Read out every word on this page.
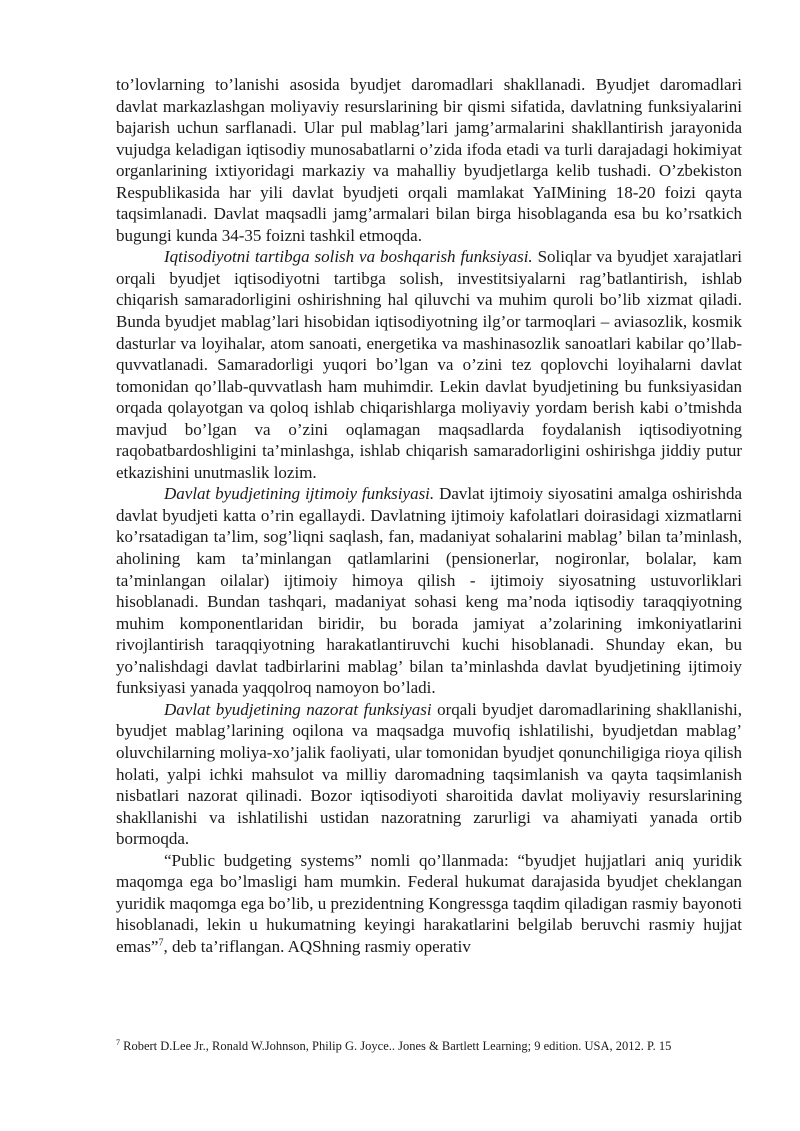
to’lovlarning to’lanishi asosida byudjet daromadlari shakllanadi. Byudjet daromadlari davlat markazlashgan moliyaviy resurslarining bir qismi sifatida, davlatning funksiyalarini bajarish uchun sarflanadi. Ular pul mablag’lari jamg’armalarini shakllantirish jarayonida vujudga keladigan iqtisodiy munosabatlarni o’zida ifoda etadi va turli darajadagi hokimiyat organlarining ixtiyoridagi markaziy va mahalliy byudjetlarga kelib tushadi. O’zbekiston Respublikasida har yili davlat byudjeti orqali mamlakat YaIMining 18-20 foizi qayta taqsimlanadi. Davlat maqsadli jamg’armalari bilan birga hisoblaganda esa bu ko’rsatkich bugungi kunda 34-35 foizni tashkil etmoqda.

Iqtisodiyotni tartibga solish va boshqarish funksiyasi. Soliqlar va byudjet xarajatlari orqali byudjet iqtisodiyotni tartibga solish, investitsiyalarni rag’batlantirish, ishlab chiqarish samaradorligini oshirishning hal qiluvchi va muhim quroli bo’lib xizmat qiladi. Bunda byudjet mablag’lari hisobidan iqtisodiyotning ilg’or tarmoqlari – aviasozlik, kosmik dasturlar va loyihalar, atom sanoati, energetika va mashinasozlik sanoatlari kabilar qo’llab-quvvatlanadi. Samaradorligi yuqori bo’lgan va o’zini tez qoplovchi loyihalarni davlat tomonidan qo’llab-quvvatlash ham muhimdir. Lekin davlat byudjetining bu funksiyasidan orqada qolayotgan va qoloq ishlab chiqarishlarga moliyaviy yordam berish kabi o’tmishda mavjud bo’lgan va o’zini oqlamagan maqsadlarda foydalanish iqtisodiyotning raqobatbardoshligini ta’minlashga, ishlab chiqarish samaradorligini oshirishga jiddiy putur etkazishini unutmaslik lozim.

Davlat byudjetining ijtimoiy funksiyasi. Davlat ijtimoiy siyosatini amalga oshirishda davlat byudjeti katta o’rin egallaydi. Davlatning ijtimoiy kafolatlari doirasidagi xizmatlarni ko’rsatadigan ta’lim, sog’liqni saqlash, fan, madaniyat sohalarini mablag’ bilan ta’minlash, aholining kam ta’minlangan qatlamlarini (pensionerlar, nogironlar, bolalar, kam ta’minlangan oilalar) ijtimoiy himoya qilish - ijtimoiy siyosatning ustuvorliklari hisoblanadi. Bundan tashqari, madaniyat sohasi keng ma’noda iqtisodiy taraqqiyotning muhim komponentlaridan biridir, bu borada jamiyat a’zolarining imkoniyatlarini rivojlantirish taraqqiyotning harakatlantiruvchi kuchi hisoblanadi. Shunday ekan, bu yo’nalishdagi davlat tadbirlarini mablag’ bilan ta’minlashda davlat byudjetining ijtimoiy funksiyasi yanada yaqqolroq namoyon bo’ladi.

Davlat byudjetining nazorat funksiyasi orqali byudjet daromadlarining shakllanishi, byudjet mablag’larining oqilona va maqsadga muvofiq ishlatilishi, byudjetdan mablag’ oluvchilarning moliya-xo’jalik faoliyati, ular tomonidan byudjet qonunchiligiga rioya qilish holati, yalpi ichki mahsulot va milliy daromadning taqsimlanish va qayta taqsimlanish nisbatlari nazorat qilinadi. Bozor iqtisodiyoti sharoitida davlat moliyaviy resurslarining shakllanishi va ishlatilishi ustidan nazoratning zarurligi va ahamiyati yanada ortib bormoqda.

“Public budgeting systems” nomli qo’llanmada: “byudjet hujjatlari aniq yuridik maqomga ega bo’lmasligi ham mumkin. Federal hukumat darajasida byudjet cheklangan yuridik maqomga ega bo’lib, u prezidentning Kongressga taqdim qiladigan rasmiy bayonoti hisoblanadi, lekin u hukumatning keyingi harakatlarini belgilab beruvchi rasmiy hujjat emas”$^7$, deb ta’riflangan. AQShning rasmiy operativ

$^7$ Robert D.Lee Jr., Ronald W.Johnson, Philip G. Joyce.. Jones & Bartlett Learning; 9 edition. USA, 2012. P. 15
